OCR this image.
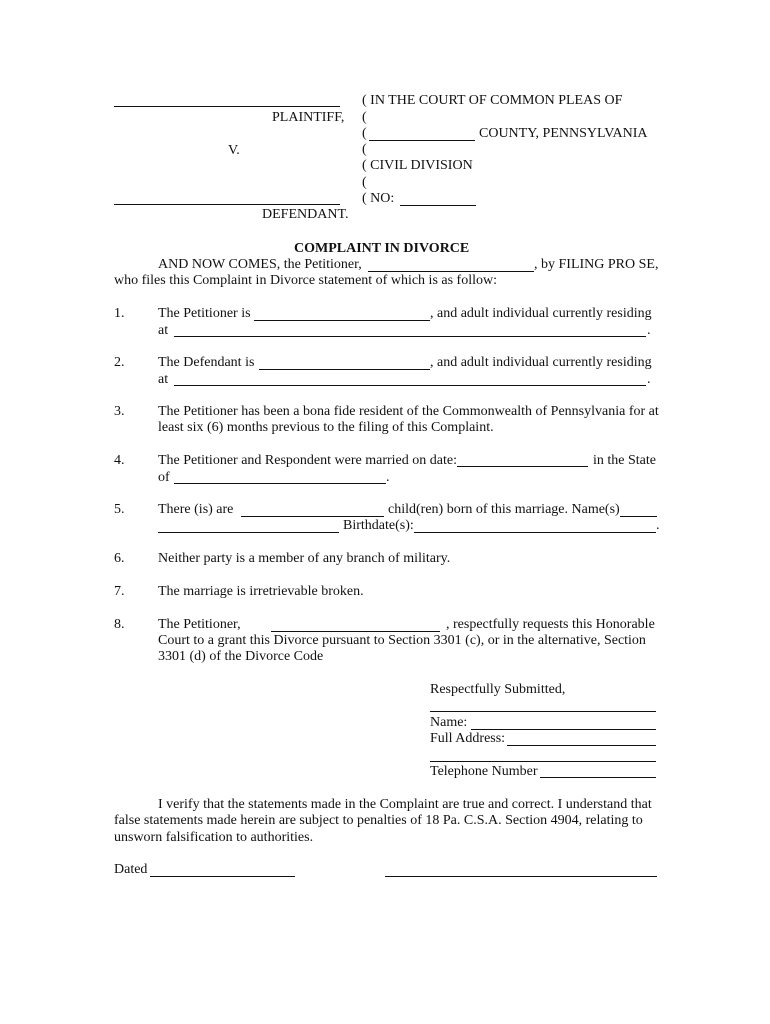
PLAINTIFF,
V.
DEFENDANT.
( IN THE COURT OF COMMON PLEAS OF
(
(	COUNTY, PENNSYLVANIA
(
( CIVIL DIVISION
(
( NO:
COMPLAINT IN DIVORCE
AND NOW COMES, the Petitioner,	, by FILING PRO SE,
who files this Complaint in Divorce statement of which is as follow:
1. The Petitioner is	, and adult individual currently residing
at	.
2. The Defendant is	, and adult individual currently residing
at	.
3. The Petitioner has been a bona fide resident of the Commonwealth of Pennsylvania for at
least six (6) months previous to the filing of this Complaint.
4. The Petitioner and Respondent were married on date:	in the State
of	.
5. There (is) are	child(ren) born of this marriage. Name(s)
Birthdate(s):	.
6. Neither party is a member of any branch of military.
7. The marriage is irretrievable broken.
8. The Petitioner,	, respectfully requests this Honorable
Court to a grant this Divorce pursuant to Section 3301 (c), or in the alternative, Section
3301 (d) of the Divorce Code
Respectfully Submitted,
Name:
Full Address:
Telephone Number
I verify that the statements made in the Complaint are true and correct. I understand that
false statements made herein are subject to penalties of 18 Pa. C.S.A. Section 4904, relating to
unsworn falsification to authorities.
Dated
